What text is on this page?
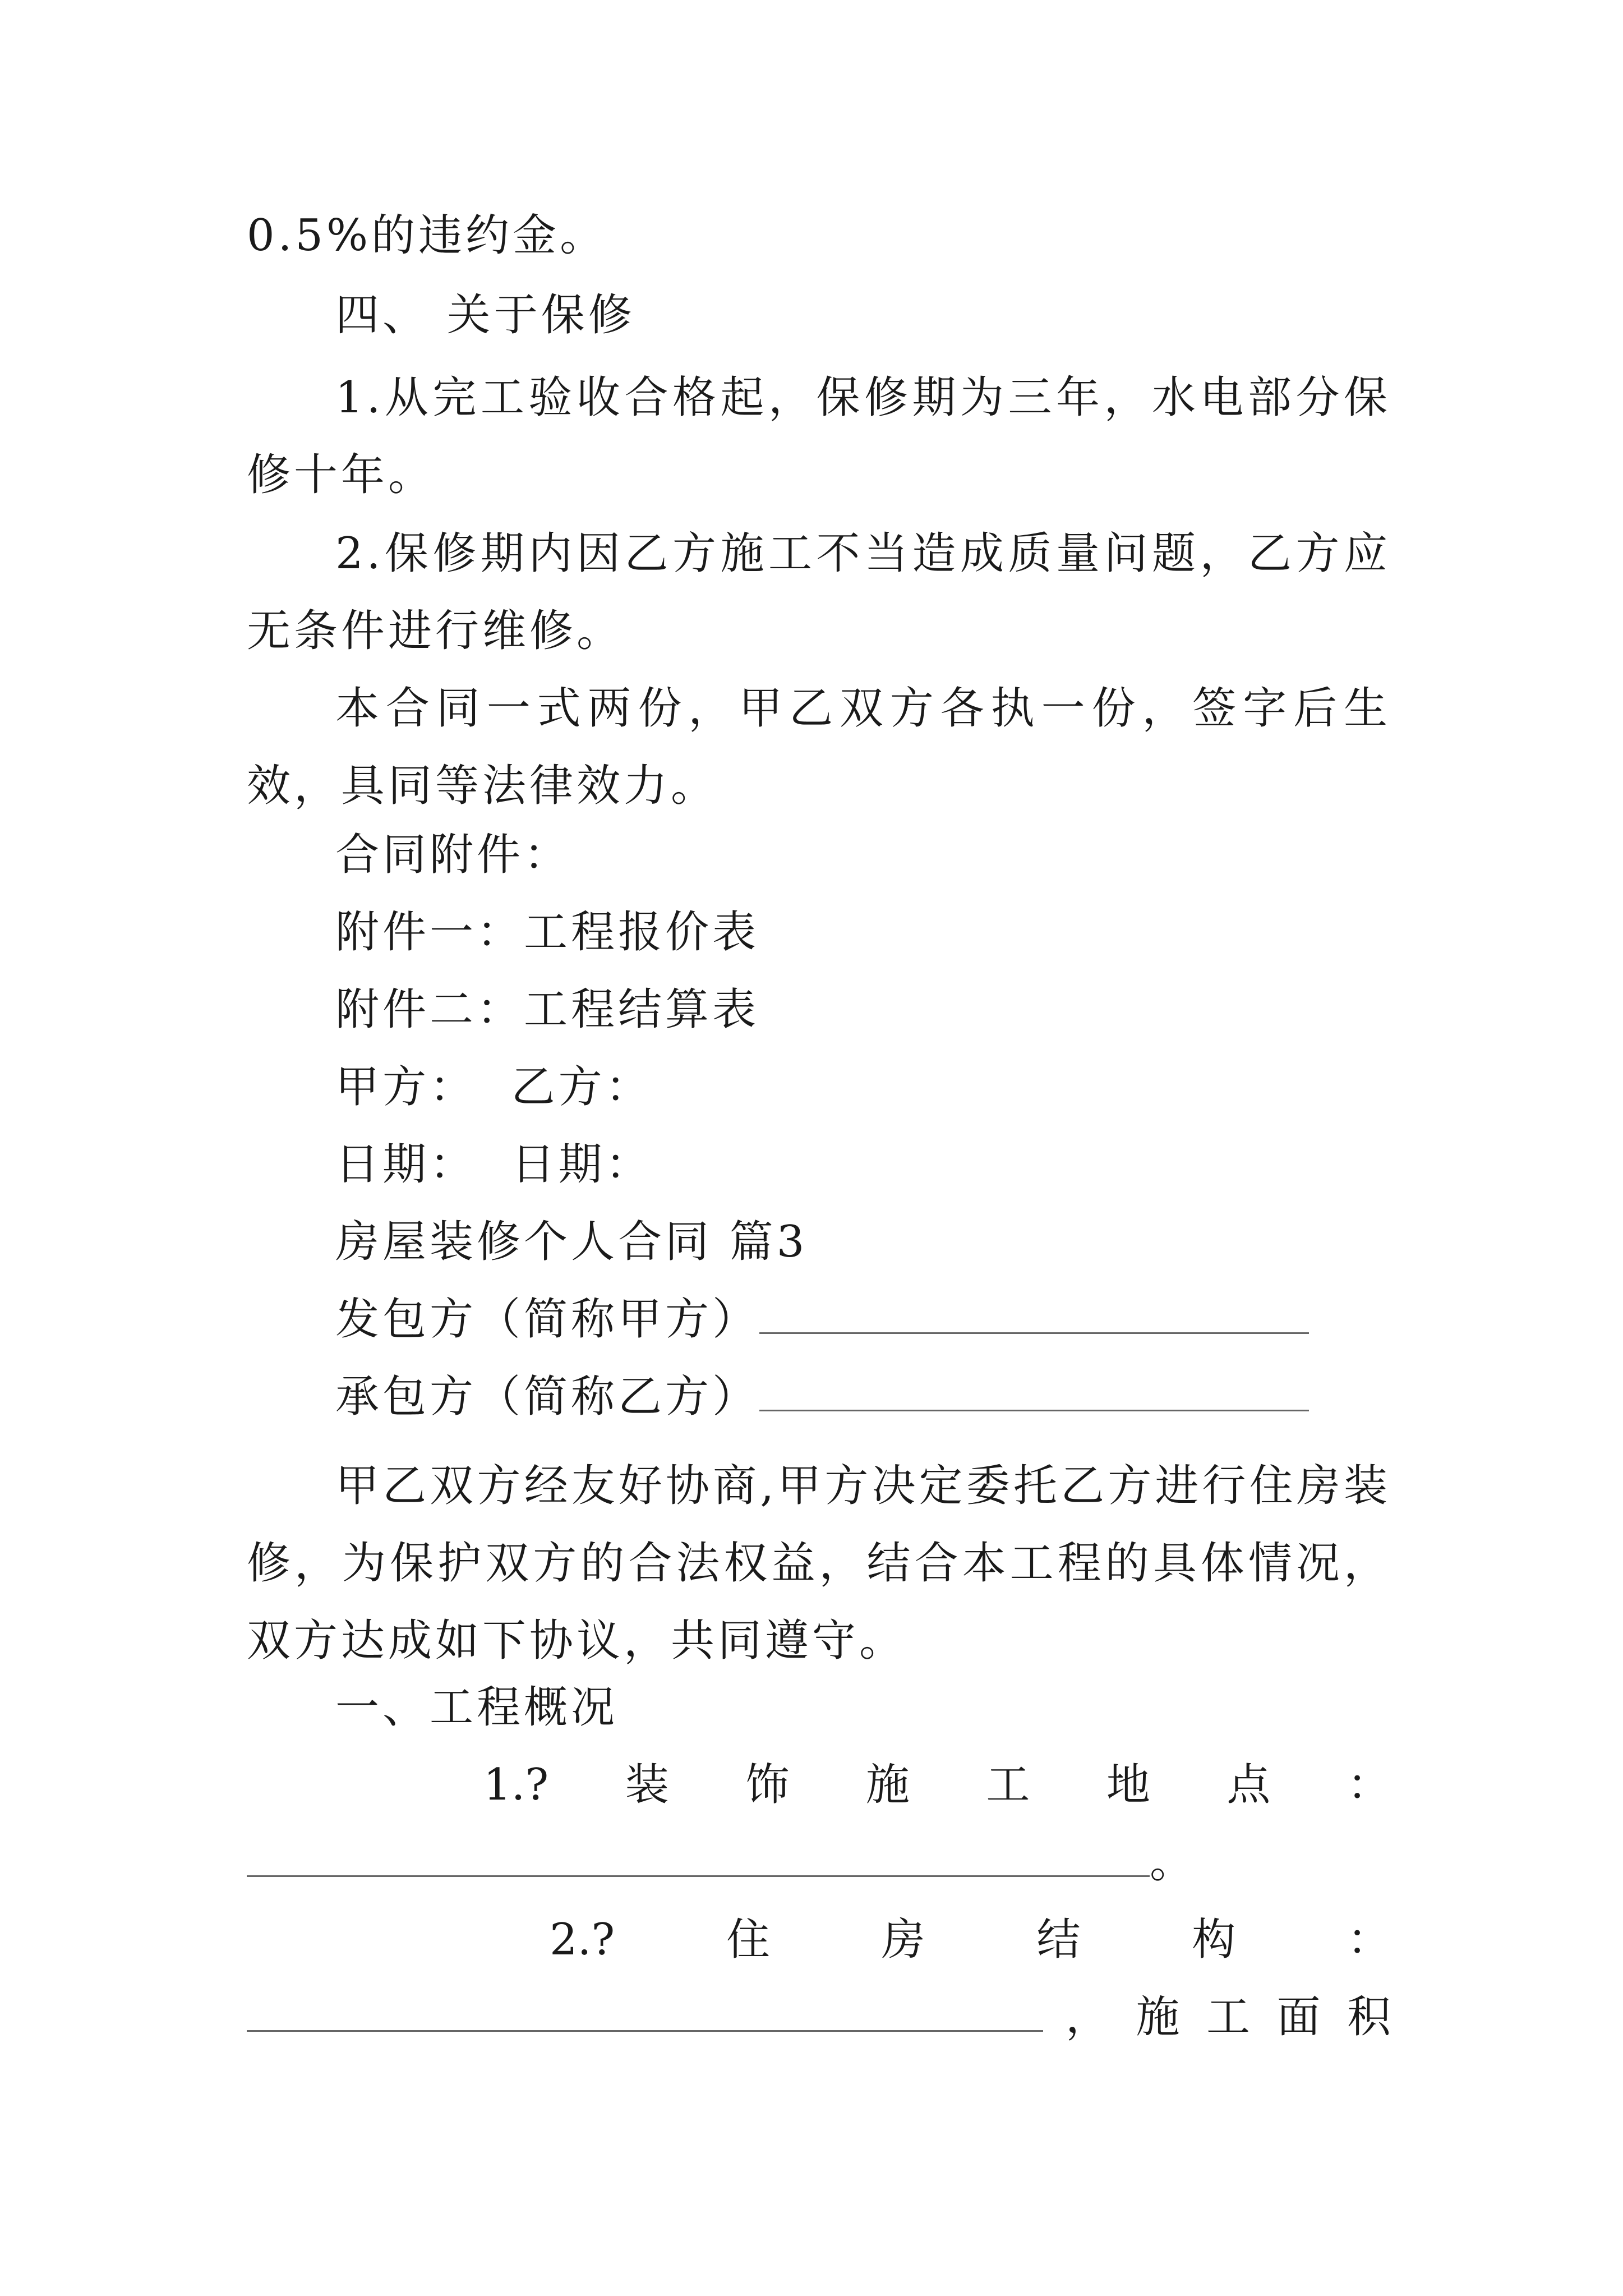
0.5%的违约金。
四、 关于保修
1.从完工验收合格起，保修期为三年，水电部分保修十年。
2.保修期内因乙方施工不当造成质量问题，乙方应无条件进行维修。
本合同一式两份，甲乙双方各执一份，签字后生效，具同等法律效力。
合同附件：
附件一：工程报价表
附件二：工程结算表
甲方：  乙方：
日期：  日期：
房屋装修个人合同 篇3
发包方（简称甲方）
承包方（简称乙方）
甲乙双方经友好协商,甲方决定委托乙方进行住房装修，为保护双方的合法权益，结合本工程的具体情况，双方达成如下协议，共同遵守。
一、工程概况
1.? 装 饰 施 工 地 点 ：
。
2.?	住	房	结	构	：
， 施 工 面 积
